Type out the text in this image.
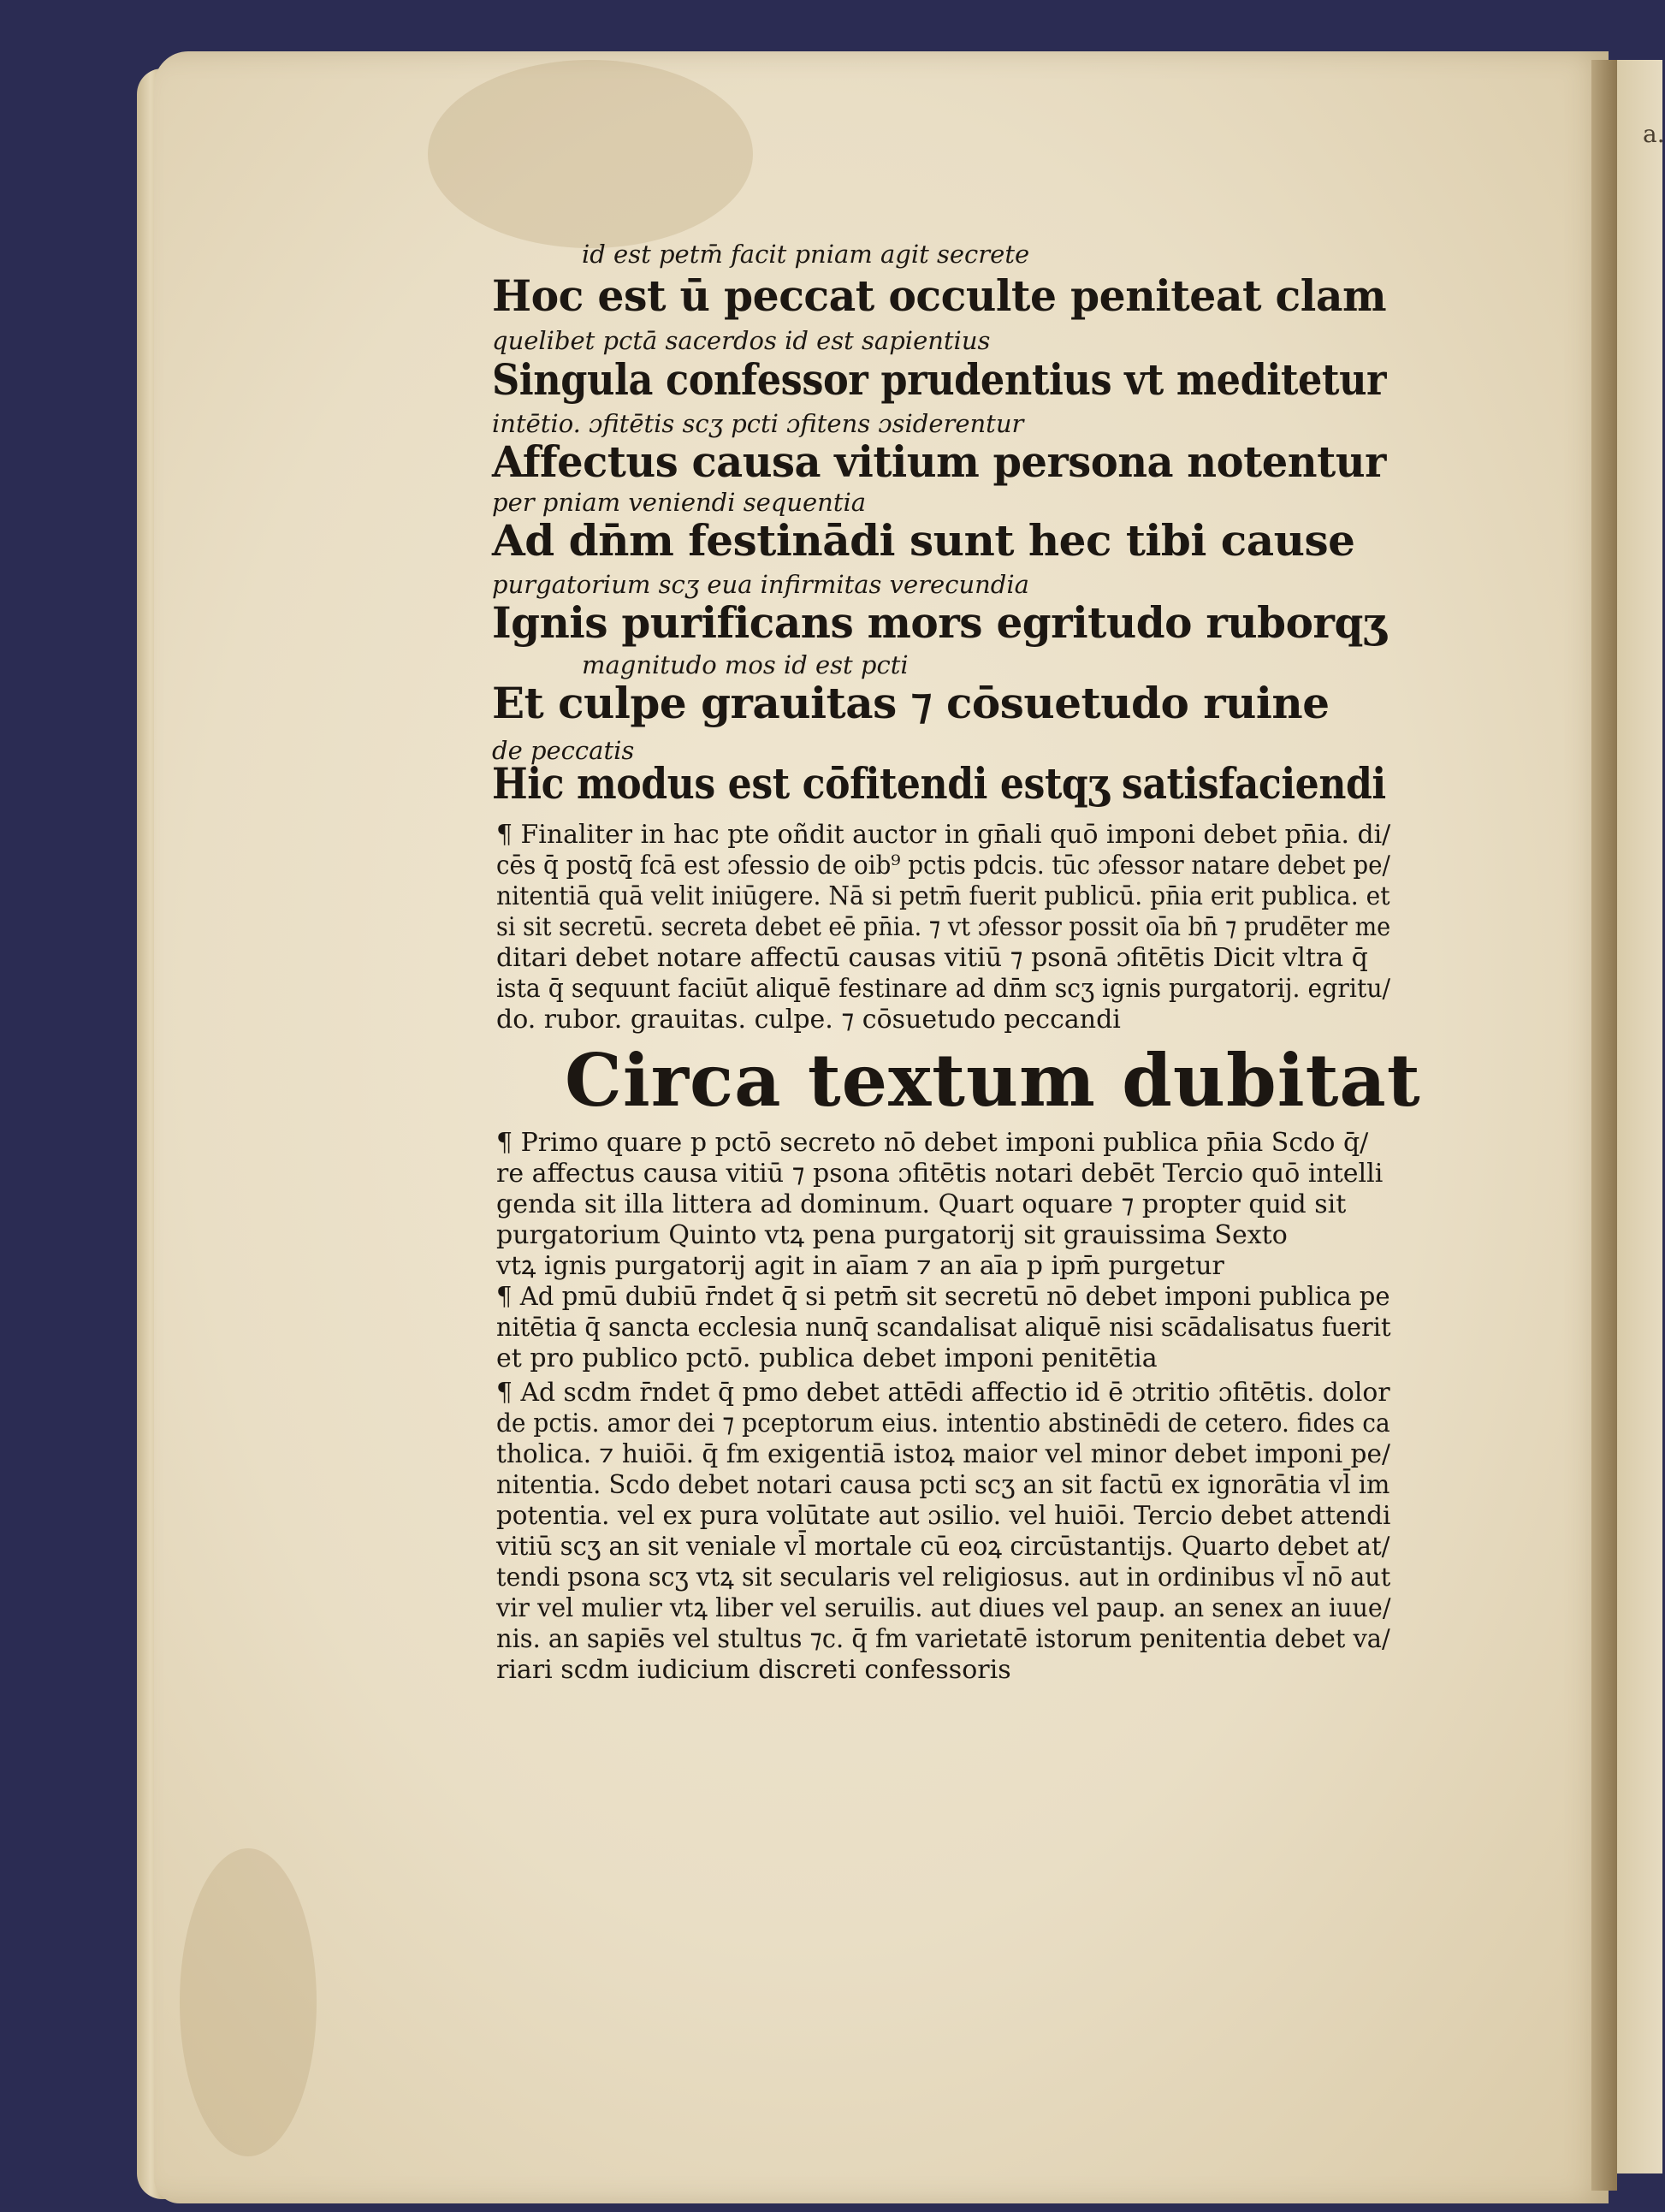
a.
id est petm̄ facit pniam agit secrete
Hoc est ū peccat occulte peniteat clam
quelibet pctā sacerdos id est sapientius
Singula confessor prudentius vt meditetur
intētio. ɔfitētis scʒ pcti ɔfitens ɔsiderentur
Affectus causa vitium persona notentur
per pniam veniendi sequentia
Ad dn̄m festinādi sunt hec tibi cause
purgatorium scʒ eua infirmitas verecundia
Ignis purificans mors egritudo ruborqʒ
magnitudo mos id est pcti
Et culpe grauitas ⁊ cōsuetudo ruine
de peccatis
Hic modus est cōfitendi estqʒ satisfaciendi
¶ Finaliter in hac pte oñdit auctor in gn̄ali quō imponi debet pn̄ia. di/
cēs q̄ postq̄ fcā est ɔfessio de oib⁹ pctis pdcis. tūc ɔfessor natare debet pe/
nitentiā quā velit iniūgere. Nā si petm̄ fuerit publicū. pn̄ia erit publica. et
si sit secretū. secreta debet eē pn̄ia. ⁊ vt ɔfessor possit oīa bn̄ ⁊ prudēter me
ditari debet notare affectū causas vitiū ⁊ psonā ɔfitētis Dicit vltra q̄
ista q̄ sequunt faciūt aliquē festinare ad dn̄m scʒ ignis purgatorij. egritu/
do. rubor. grauitas. culpe. ⁊ cōsuetudo peccandi
Circa textum dubitat
¶ Primo quare p pctō secreto nō debet imponi publica pn̄ia Scdo q̄/
re affectus causa vitiū ⁊ psona ɔfitētis notari debēt Tercio quō intelli
genda sit illa littera ad dominum. Quart oquare ⁊ propter quid sit
purgatorium Quinto vtꝝ pena purgatorij sit grauissima Sexto
vtꝝ ignis purgatorij agit in aīam ⁊ an aīa p ipm̄ purgetur
¶ Ad pmū dubiū r̄ndet q̄ si petm̄ sit secretū nō debet imponi publica pe
nitētia q̄ sancta ecclesia nunq̄ scandalisat aliquē nisi scādalisatus fuerit
et pro publico pctō. publica debet imponi penitētia
¶ Ad scdm r̄ndet q̄ pmo debet attēdi affectio id ē ɔtritio ɔfitētis. dolor
de pctis. amor dei ⁊ pceptorum eius. intentio abstinēdi de cetero. fides ca
tholica. ⁊ huiōi. q̄ fm exigentiā istoꝝ maior vel minor debet imponi pe/
nitentia. Scdo debet notari causa pcti scʒ an sit factū ex ignorātia vl̄ im
potentia. vel ex pura volūtate aut ɔsilio. vel huiōi. Tercio debet attendi
vitiū scʒ an sit veniale vl̄ mortale cū eoꝝ circūstantijs. Quarto debet at/
tendi psona scʒ vtꝝ sit secularis vel religiosus. aut in ordinibus vl̄ nō aut
vir vel mulier vtꝝ liber vel seruilis. aut diues vel paup. an senex an iuue/
nis. an sapiēs vel stultus ⁊c. q̄ fm varietatē istorum penitentia debet va/
riari scdm iudicium discreti confessoris
